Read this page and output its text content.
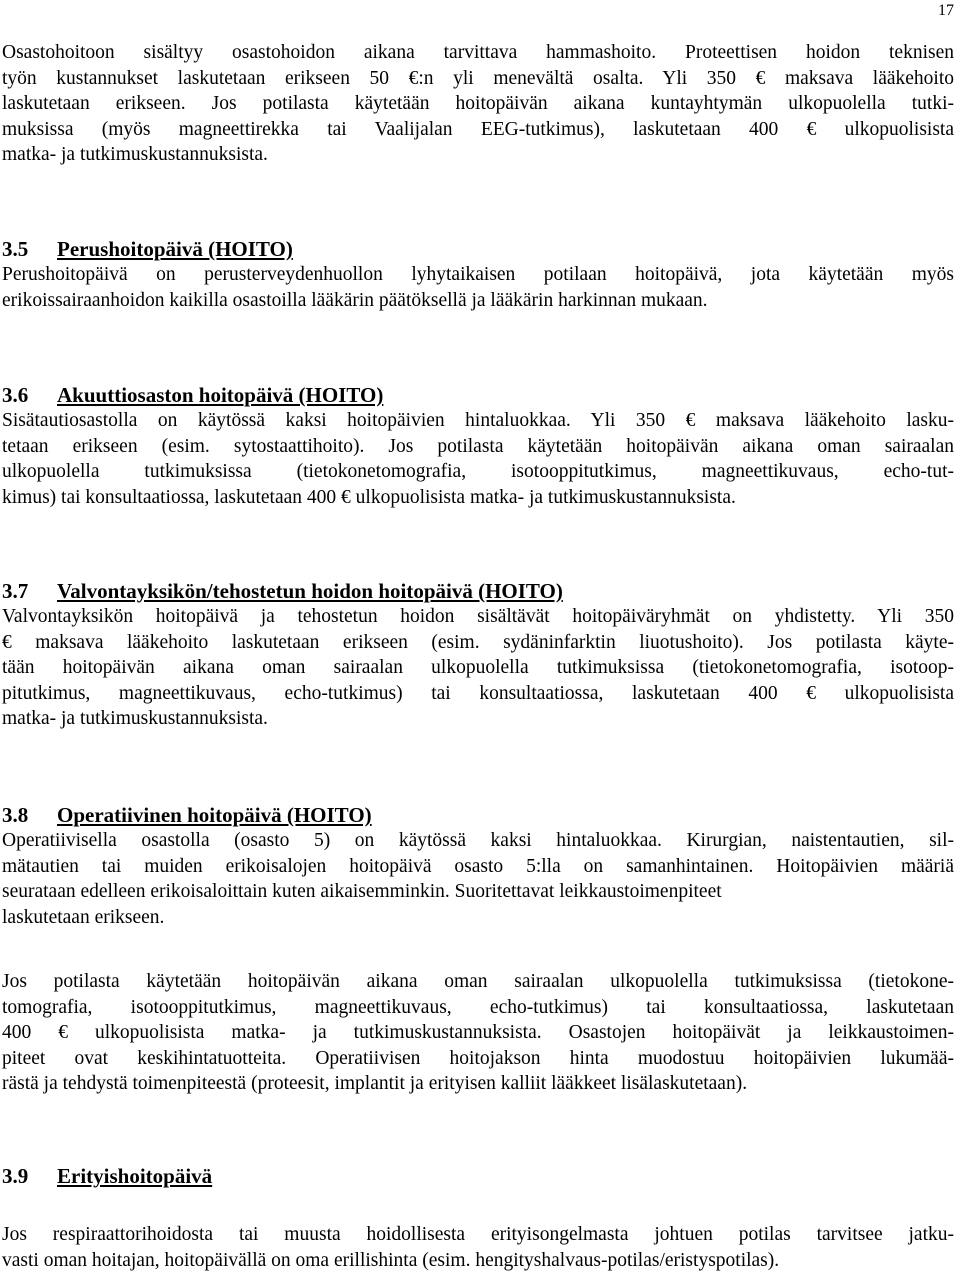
17
Osastohoitoon sisältyy osastohoidon aikana tarvittava hammashoito. Proteettisen hoidon teknisen
työn kustannukset laskutetaan erikseen 50 €:n yli menevältä osalta. Yli 350 € maksava lääkehoito
laskutetaan erikseen. Jos potilasta käytetään hoitopäivän aikana kuntayhtymän ulkopuolella tutki-
muksissa (myös magneettirekka tai Vaalijalan EEG-tutkimus), laskutetaan 400 € ulkopuolisista
matka- ja tutkimuskustannuksista.
3.5 Perushoitopäivä (HOITO)
Perushoitopäivä on perusterveydenhuollon lyhytaikaisen potilaan hoitopäivä, jota käytetään myös
erikoissairaanhoidon kaikilla osastoilla lääkärin päätöksellä ja lääkärin harkinnan mukaan.
3.6 Akuuttiosaston hoitopäivä (HOITO)
Sisätautiosastolla on käytössä kaksi hoitopäivien hintaluokkaa. Yli 350 € maksava lääkehoito lasku-
tetaan erikseen (esim. sytostaattihoito). Jos potilasta käytetään hoitopäivän aikana oman sairaalan
ulkopuolella tutkimuksissa (tietokonetomografia, isotooppitutkimus, magneettikuvaus, echo-tut-
kimus) tai konsultaatiossa, laskutetaan 400 € ulkopuolisista matka- ja tutkimuskustannuksista.
3.7 Valvontayksikön/tehostetun hoidon hoitopäivä (HOITO)
Valvontayksikön hoitopäivä ja tehostetun hoidon sisältävät hoitopäiväryhmät on yhdistetty. Yli 350
€ maksava lääkehoito laskutetaan erikseen (esim. sydäninfarktin liuotushoito). Jos potilasta käyte-
tään hoitopäivän aikana oman sairaalan ulkopuolella tutkimuksissa (tietokonetomografia, isotoop-
pitutkimus, magneettikuvaus, echo-tutkimus) tai konsultaatiossa, laskutetaan 400 € ulkopuolisista
matka- ja tutkimuskustannuksista.
3.8 Operatiivinen hoitopäivä (HOITO)
Operatiivisella osastolla (osasto 5) on käytössä kaksi hintaluokkaa. Kirurgian, naistentautien, sil-
mätautien tai muiden erikoisalojen hoitopäivä osasto 5:lla on samanhintainen. Hoitopäivien määriä
seurataan edelleen erikoisaloittain kuten aikaisemminkin. Suoritettavat leikkaustoimenpiteet
laskutetaan erikseen.
Jos potilasta käytetään hoitopäivän aikana oman sairaalan ulkopuolella tutkimuksissa (tietokone-
tomografia, isotooppitutkimus, magneettikuvaus, echo-tutkimus) tai konsultaatiossa, laskutetaan
400 € ulkopuolisista matka- ja tutkimuskustannuksista. Osastojen hoitopäivät ja leikkaustoimen-
piteet ovat keskihintatuotteita. Operatiivisen hoitojakson hinta muodostuu hoitopäivien lukumää-
rästä ja tehdystä toimenpiteestä (proteesit, implantit ja erityisen kalliit lääkkeet lisälaskutetaan).
3.9 Erityishoitopäivä
Jos respiraattorihoidosta tai muusta hoidollisesta erityisongelmasta johtuen potilas tarvitsee jatku-
vasti oman hoitajan, hoitopäivällä on oma erillishinta (esim. hengityshalvaus-potilas/eristyspotilas).
